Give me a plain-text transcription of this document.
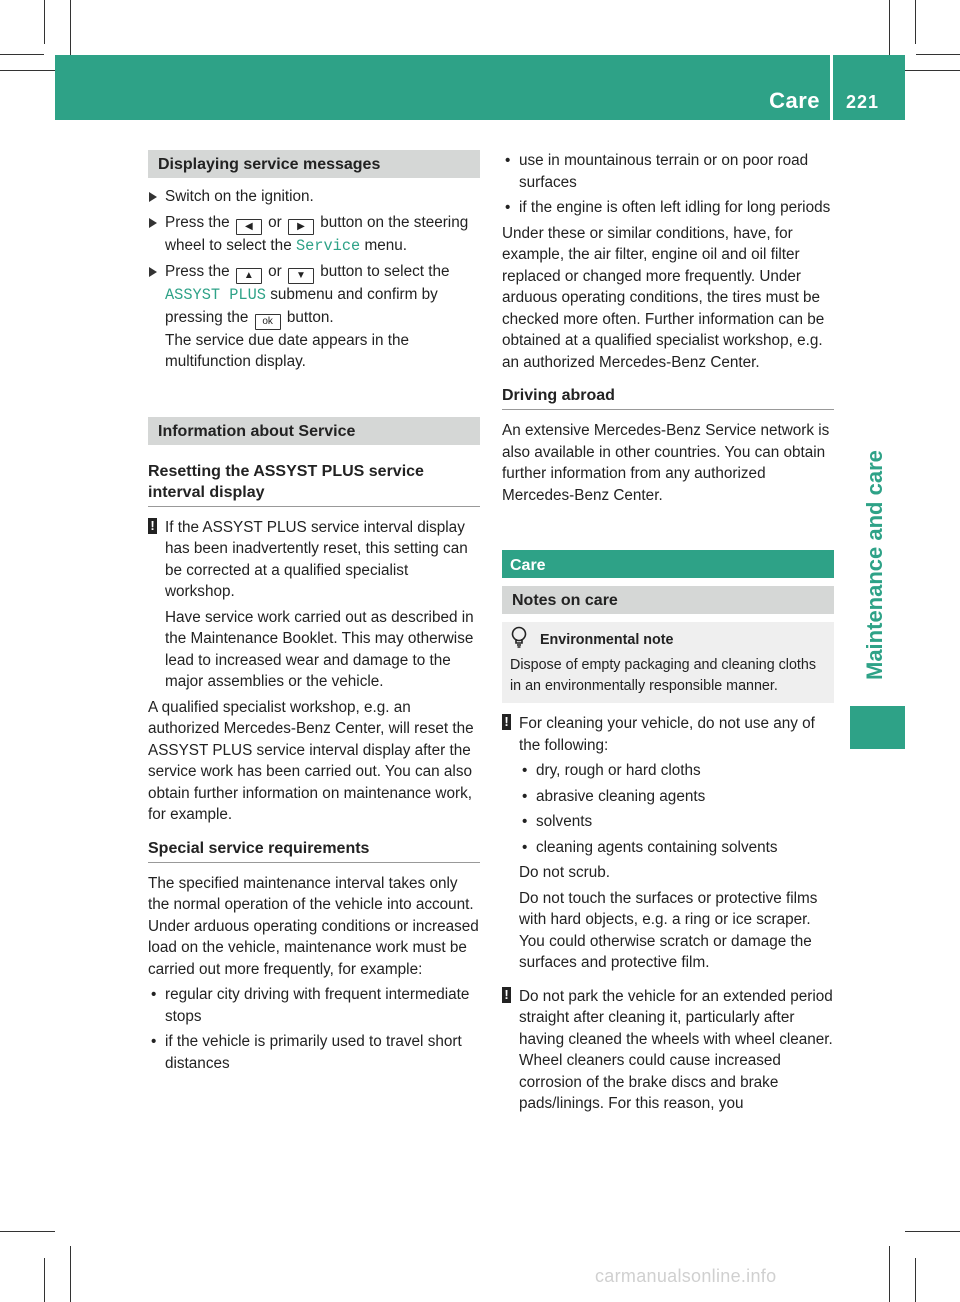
Care 221
Maintenance and care
Displaying service messages
Switch on the ignition.
Press the ◀ or ▶ button on the steering wheel to select the Service menu.
Press the ▲ or ▼ button to select the ASSYST PLUS submenu and confirm by pressing the ok button.
The service due date appears in the multifunction display.
Information about Service
Resetting the ASSYST PLUS service interval display
! If the ASSYST PLUS service interval display has been inadvertently reset, this setting can be corrected at a qualified specialist workshop.

Have service work carried out as described in the Maintenance Booklet. This may otherwise lead to increased wear and damage to the major assemblies or the vehicle.

A qualified specialist workshop, e.g. an authorized Mercedes-Benz Center, will reset the ASSYST PLUS service interval display after the service work has been carried out. You can also obtain further information on maintenance work, for example.

Special service requirements

The specified maintenance interval takes only the normal operation of the vehicle into account. Under arduous operating conditions or increased load on the vehicle, maintenance work must be carried out more frequently, for example:

• regular city driving with frequent intermediate stops
• if the vehicle is primarily used to travel short distances
• use in mountainous terrain or on poor road surfaces
• if the engine is often left idling for long periods

Under these or similar conditions, have, for example, the air filter, engine oil and oil filter replaced or changed more frequently. Under arduous operating conditions, the tires must be checked more often. Further information can be obtained at a qualified specialist workshop, e.g. an authorized Mercedes-Benz Center.

Driving abroad

An extensive Mercedes-Benz Service network is also available in other countries. You can obtain further information from any authorized Mercedes-Benz Center.

Care
Notes on care
Environmental note
Dispose of empty packaging and cleaning cloths in an environmentally responsible manner.
! For cleaning your vehicle, do not use any of the following:

• dry, rough or hard cloths
• abrasive cleaning agents
• solvents
• cleaning agents containing solvents

Do not scrub.

Do not touch the surfaces or protective films with hard objects, e.g. a ring or ice scraper. You could otherwise scratch or damage the surfaces and protective film.

! Do not park the vehicle for an extended period straight after cleaning it, particularly after having cleaned the wheels with wheel cleaner. Wheel cleaners could cause increased corrosion of the brake discs and brake pads/linings. For this reason, you

carmanualsonline.info
